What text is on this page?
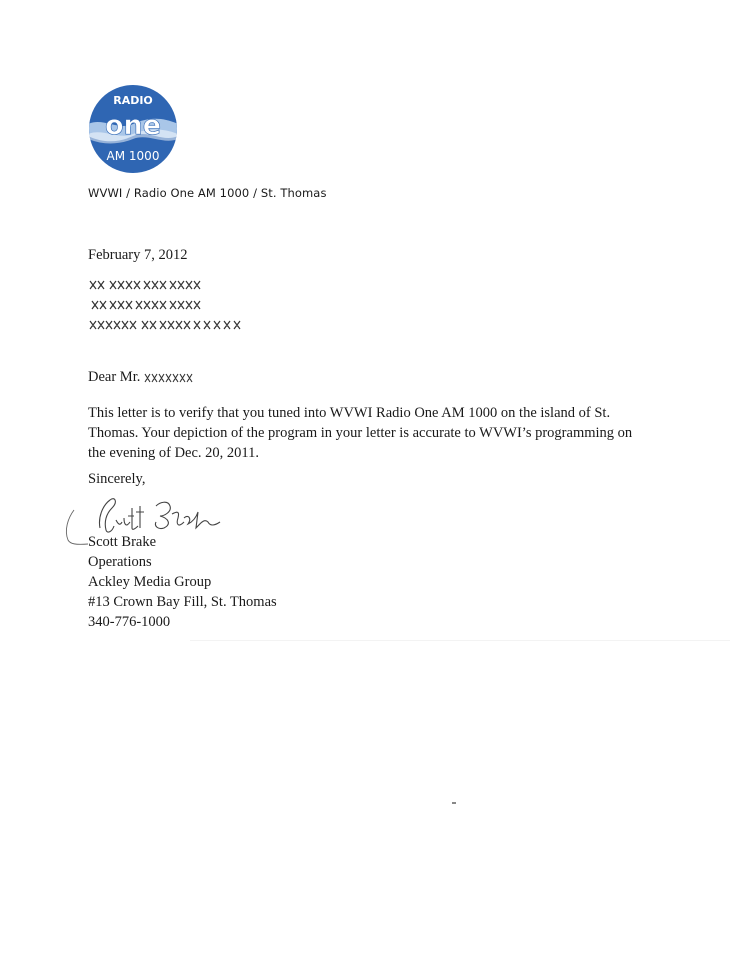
RADIO
one
AM 1000
WVWI / Radio One AM 1000 / St. Thomas
February 7, 2012
Dear Mr.
This letter is to verify that you tuned into WVWI Radio One AM 1000 on the island of St.
Thomas. Your depiction of the program in your letter is accurate to WVWI’s programming on
the evening of Dec. 20, 2011.
Sincerely,
Scott Brake
Operations
Ackley Media Group
#13 Crown Bay Fill, St. Thomas
340-776-1000
